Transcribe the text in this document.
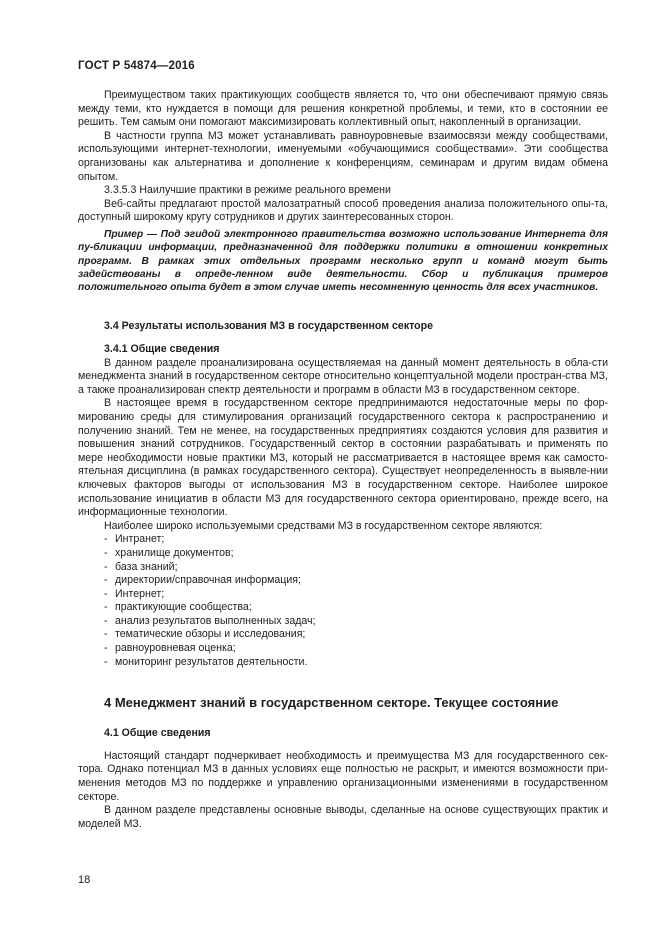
ГОСТ Р 54874—2016

Преимуществом таких практикующих сообществ является то, что они обеспечивают прямую связь между теми, кто нуждается в помощи для решения конкретной проблемы, и теми, кто в состоянии ее решить. Тем самым они помогают максимизировать коллективный опыт, накопленный в организации.

В частности группа МЗ может устанавливать равноуровневые взаимосвязи между сообществами, использующими интернет-технологии, именуемыми «обучающимися сообществами». Эти сообщества организованы как альтернатива и дополнение к конференциям, семинарам и другим видам обмена опытом.

3.3.5.3 Наилучшие практики в режиме реального времени

Веб-сайты предлагают простой малозатратный способ проведения анализа положительного опы-та, доступный широкому кругу сотрудников и других заинтересованных сторон.

Пример — Под эгидой электронного правительства возможно использование Интернета для пу-бликации информации, предназначенной для поддержки политики в отношении конкретных программ. В рамках этих отдельных программ несколько групп и команд могут быть задействованы в опреде-ленном виде деятельности. Сбор и публикация примеров положительного опыта будет в этом случае иметь несомненную ценность для всех участников.

3.4 Результаты использования МЗ в государственном секторе

3.4.1 Общие сведения

В данном разделе проанализирована осуществляемая на данный момент деятельность в обла-сти менеджмента знаний в государственном секторе относительно концептуальной модели простран-ства МЗ, а также проанализирован спектр деятельности и программ в области МЗ в государственном секторе.

В настоящее время в государственном секторе предпринимаются недостаточные меры по фор-мированию среды для стимулирования организаций государственного сектора к распространению и получению знаний. Тем не менее, на государственных предприятиях создаются условия для развития и повышения знаний сотрудников. Государственный сектор в состоянии разрабатывать и применять по мере необходимости новые практики МЗ, который не рассматривается в настоящее время как самосто-ятельная дисциплина (в рамках государственного сектора). Существует неопределенность в выявле-нии ключевых факторов выгоды от использования МЗ в государственном секторе. Наиболее широкое использование инициатив в области МЗ для государственного сектора ориентировано, прежде всего, на информационные технологии.

Наиболее широко используемыми средствами МЗ в государственном секторе являются:

- Интранет;
- хранилище документов;
- база знаний;
- директории/справочная информация;
- Интернет;
- практикующие сообщества;
- анализ результатов выполненных задач;
- тематические обзоры и исследования;
- равноуровневая оценка;
- мониторинг результатов деятельности.

4 Менеджмент знаний в государственном секторе. Текущее состояние

4.1 Общие сведения

Настоящий стандарт подчеркивает необходимость и преимущества МЗ для государственного сек-тора. Однако потенциал МЗ в данных условиях еще полностью не раскрыт, и имеются возможности при-менения методов МЗ по поддержке и управлению организационными изменениями в государственном секторе.

В данном разделе представлены основные выводы, сделанные на основе существующих практик и моделей МЗ.

18
